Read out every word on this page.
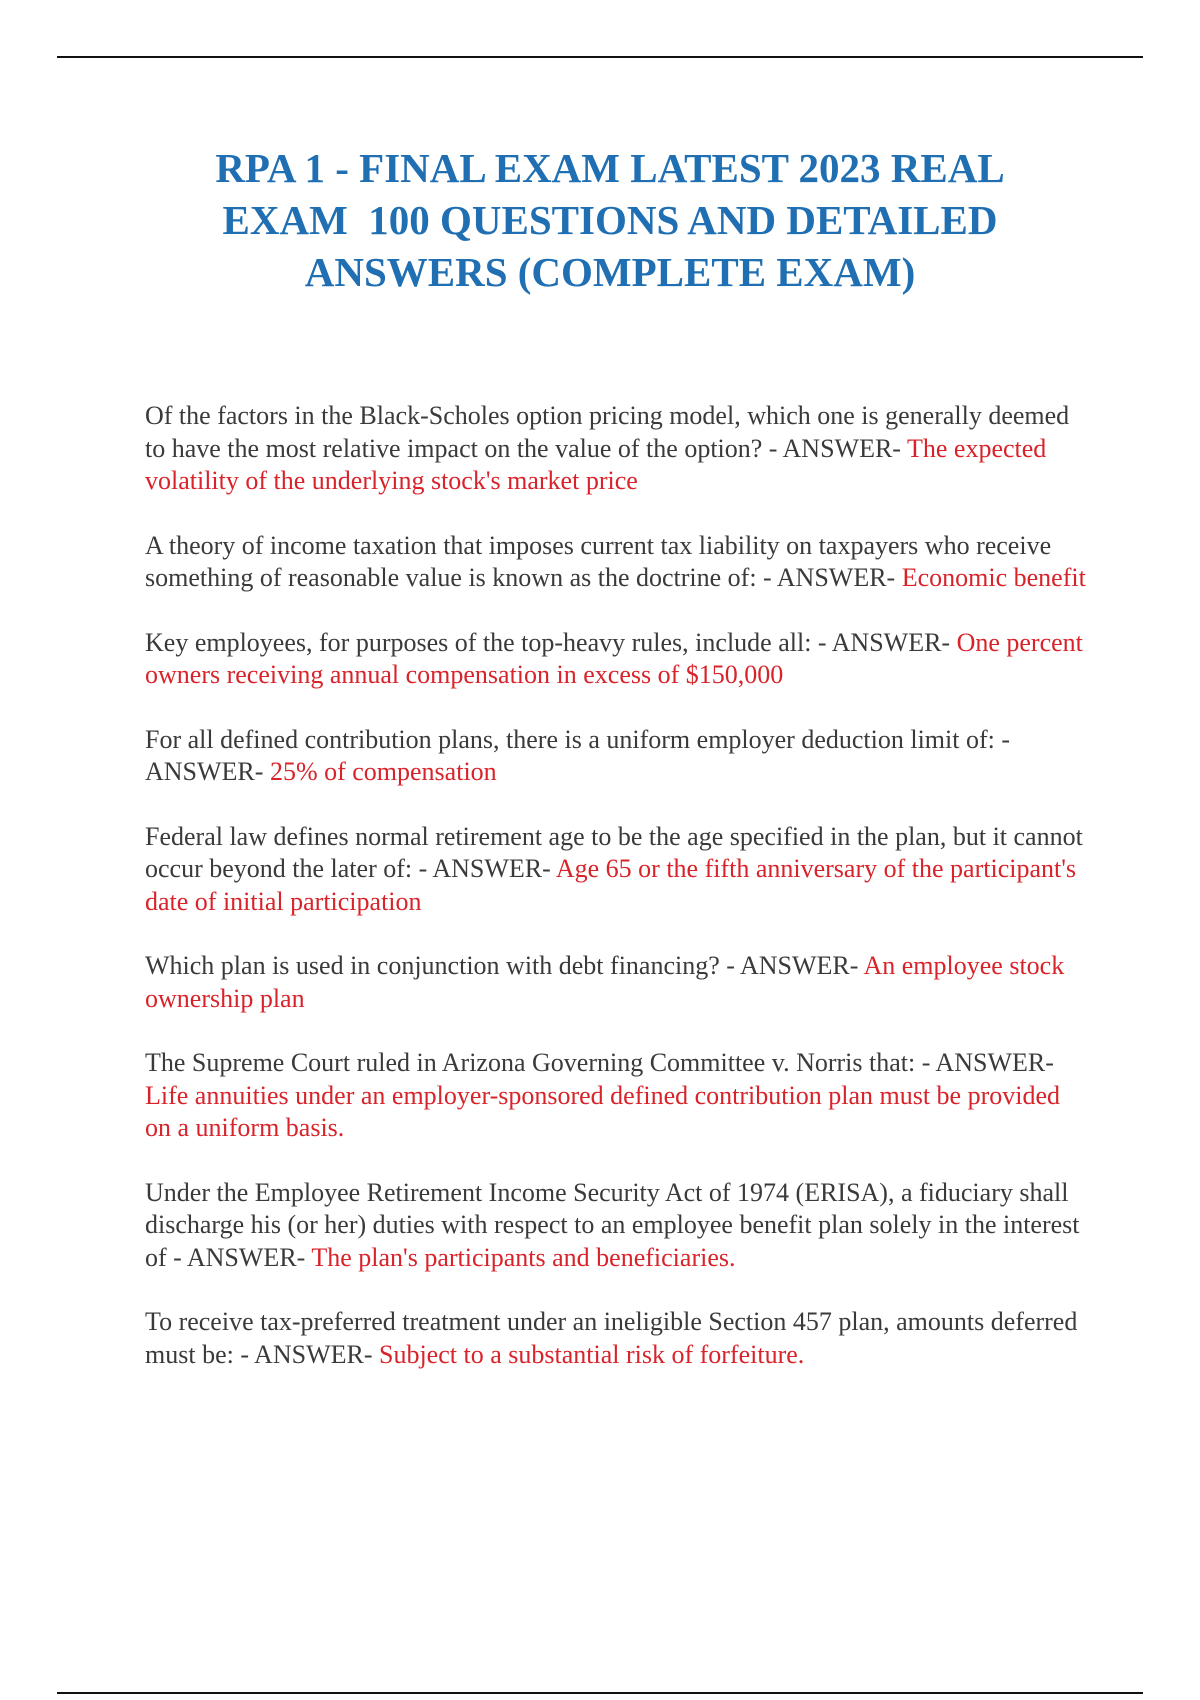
RPA 1 - FINAL EXAM LATEST 2023 REAL
EXAM  100 QUESTIONS AND DETAILED
ANSWERS (COMPLETE EXAM)

Of the factors in the Black-Scholes option pricing model, which one is generally deemed to have the most relative impact on the value of the option? - ANSWER- The expected volatility of the underlying stock's market price

A theory of income taxation that imposes current tax liability on taxpayers who receive something of reasonable value is known as the doctrine of: - ANSWER- Economic benefit

Key employees, for purposes of the top-heavy rules, include all: - ANSWER- One percent owners receiving annual compensation in excess of $150,000

For all defined contribution plans, there is a uniform employer deduction limit of: - ANSWER- 25% of compensation

Federal law defines normal retirement age to be the age specified in the plan, but it cannot occur beyond the later of: - ANSWER- Age 65 or the fifth anniversary of the participant's date of initial participation

Which plan is used in conjunction with debt financing? - ANSWER- An employee stock ownership plan

The Supreme Court ruled in Arizona Governing Committee v. Norris that: - ANSWER- Life annuities under an employer-sponsored defined contribution plan must be provided on a uniform basis.

Under the Employee Retirement Income Security Act of 1974 (ERISA), a fiduciary shall discharge his (or her) duties with respect to an employee benefit plan solely in the interest of - ANSWER- The plan's participants and beneficiaries.

To receive tax-preferred treatment under an ineligible Section 457 plan, amounts deferred must be: - ANSWER- Subject to a substantial risk of forfeiture.
